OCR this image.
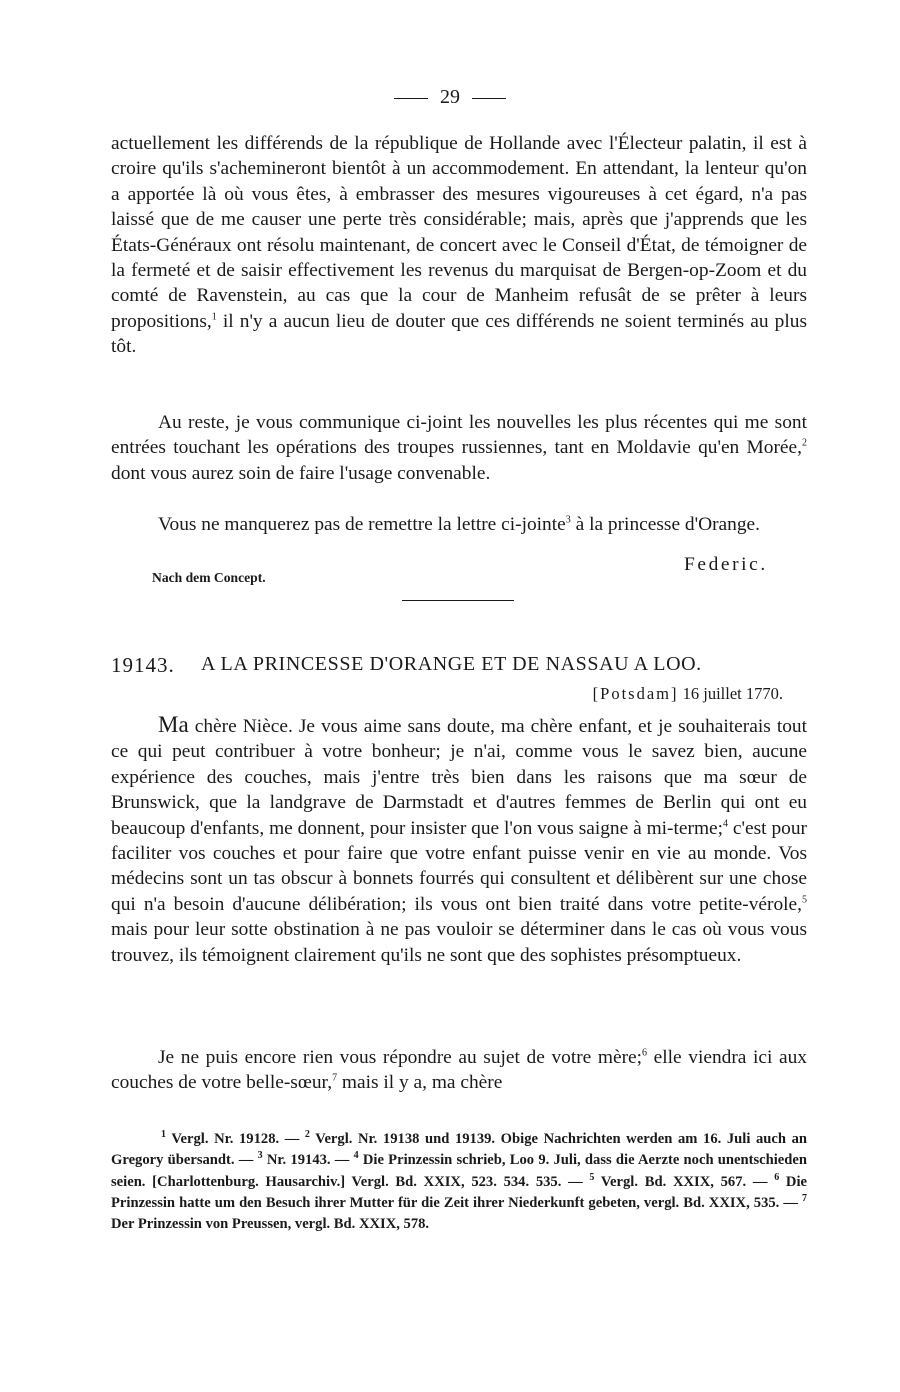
29

actuellement les différends de la république de Hollande avec l'Électeur palatin, il est à croire qu'ils s'achemineront bientôt à un accommodement. En attendant, la lenteur qu'on a apportée là où vous êtes, à embrasser des mesures vigoureuses à cet égard, n'a pas laissé que de me causer une perte très considérable; mais, après que j'apprends que les États-Généraux ont résolu maintenant, de concert avec le Conseil d'État, de témoigner de la fermeté et de saisir effectivement les revenus du marquisat de Bergen-op-Zoom et du comté de Ravenstein, au cas que la cour de Manheim refusât de se prêter à leurs propositions,$^1$ il n'y a aucun lieu de douter que ces différends ne soient terminés au plus tôt.

Au reste, je vous communique ci-joint les nouvelles les plus récentes qui me sont entrées touchant les opérations des troupes russiennes, tant en Moldavie qu'en Morée,$^2$ dont vous aurez soin de faire l'usage convenable.

Vous ne manquerez pas de remettre la lettre ci-jointe$^3$ à la princesse d'Orange.

Federic.
Nach dem Concept.
19143. A LA PRINCESSE D'ORANGE ET DE NASSAU A LOO.
[Potsdam] 16 juillet 1770.

Ma chère Nièce. Je vous aime sans doute, ma chère enfant, et je souhaiterais tout ce qui peut contribuer à votre bonheur; je n'ai, comme vous le savez bien, aucune expérience des couches, mais j'entre très bien dans les raisons que ma sœur de Brunswick, que la landgrave de Darmstadt et d'autres femmes de Berlin qui ont eu beaucoup d'enfants, me donnent, pour insister que l'on vous saigne à mi-terme;$^4$ c'est pour faciliter vos couches et pour faire que votre enfant puisse venir en vie au monde. Vos médecins sont un tas obscur à bonnets fourrés qui consultent et délibèrent sur une chose qui n'a besoin d'aucune délibération; ils vous ont bien traité dans votre petite-vérole,$^5$ mais pour leur sotte obstination à ne pas vouloir se déterminer dans le cas où vous vous trouvez, ils témoignent clairement qu'ils ne sont que des sophistes présomptueux.

Je ne puis encore rien vous répondre au sujet de votre mère;$^6$ elle viendra ici aux couches de votre belle-sœur,$^7$ mais il y a, ma chère

$^1$ Vergl. Nr. 19128. — $^2$ Vergl. Nr. 19138 und 19139. Obige Nachrichten werden am 16. Juli auch an Gregory übersandt. — $^3$ Nr. 19143. — $^4$ Die Prinzessin schrieb, Loo 9. Juli, dass die Aerzte noch unentschieden seien. [Charlottenburg. Hausarchiv.] Vergl. Bd. XXIX, 523. 534. 535. — $^5$ Vergl. Bd. XXIX, 567. — $^6$ Die Prinzessin hatte um den Besuch ihrer Mutter für die Zeit ihrer Niederkunft gebeten, vergl. Bd. XXIX, 535. — $^7$ Der Prinzessin von Preussen, vergl. Bd. XXIX, 578.
